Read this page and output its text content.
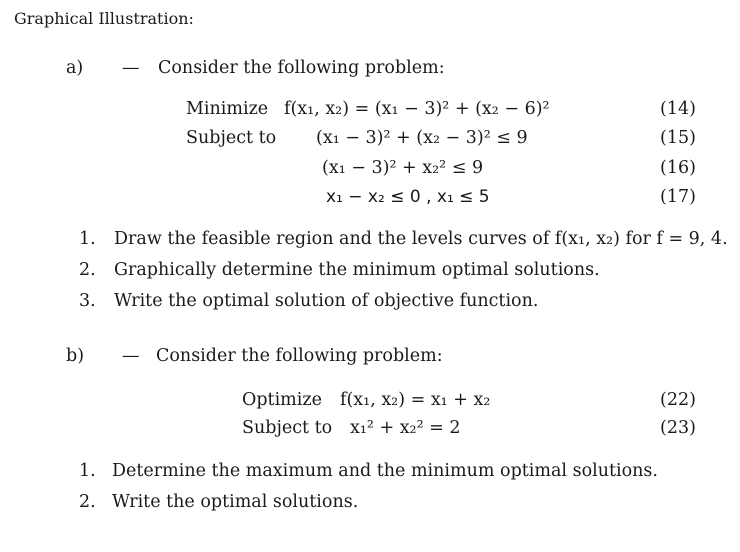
Graphical Illustration:
a) — Consider the following problem:
Minimize f(x₁, x₂) = (x₁ − 3)² + (x₂ − 6)²	(14)
Subject to (x₁ − 3)² + (x₂ − 3)² ≤ 9	(15)
(x₁ − 3)² + x₂² ≤ 9	(16)
x₁ − x₂ ≤ 0 , x₁ ≤ 5	(17)
1. Draw the feasible region and the levels curves of f(x₁, x₂) for f = 9, 4.
2. Graphically determine the minimum optimal solutions.
3. Write the optimal solution of objective function.
b) — Consider the following problem:
Optimize f(x₁, x₂) = x₁ + x₂	(22)
Subject to x₁² + x₂² = 2	(23)
1. Determine the maximum and the minimum optimal solutions.
2. Write the optimal solutions.
